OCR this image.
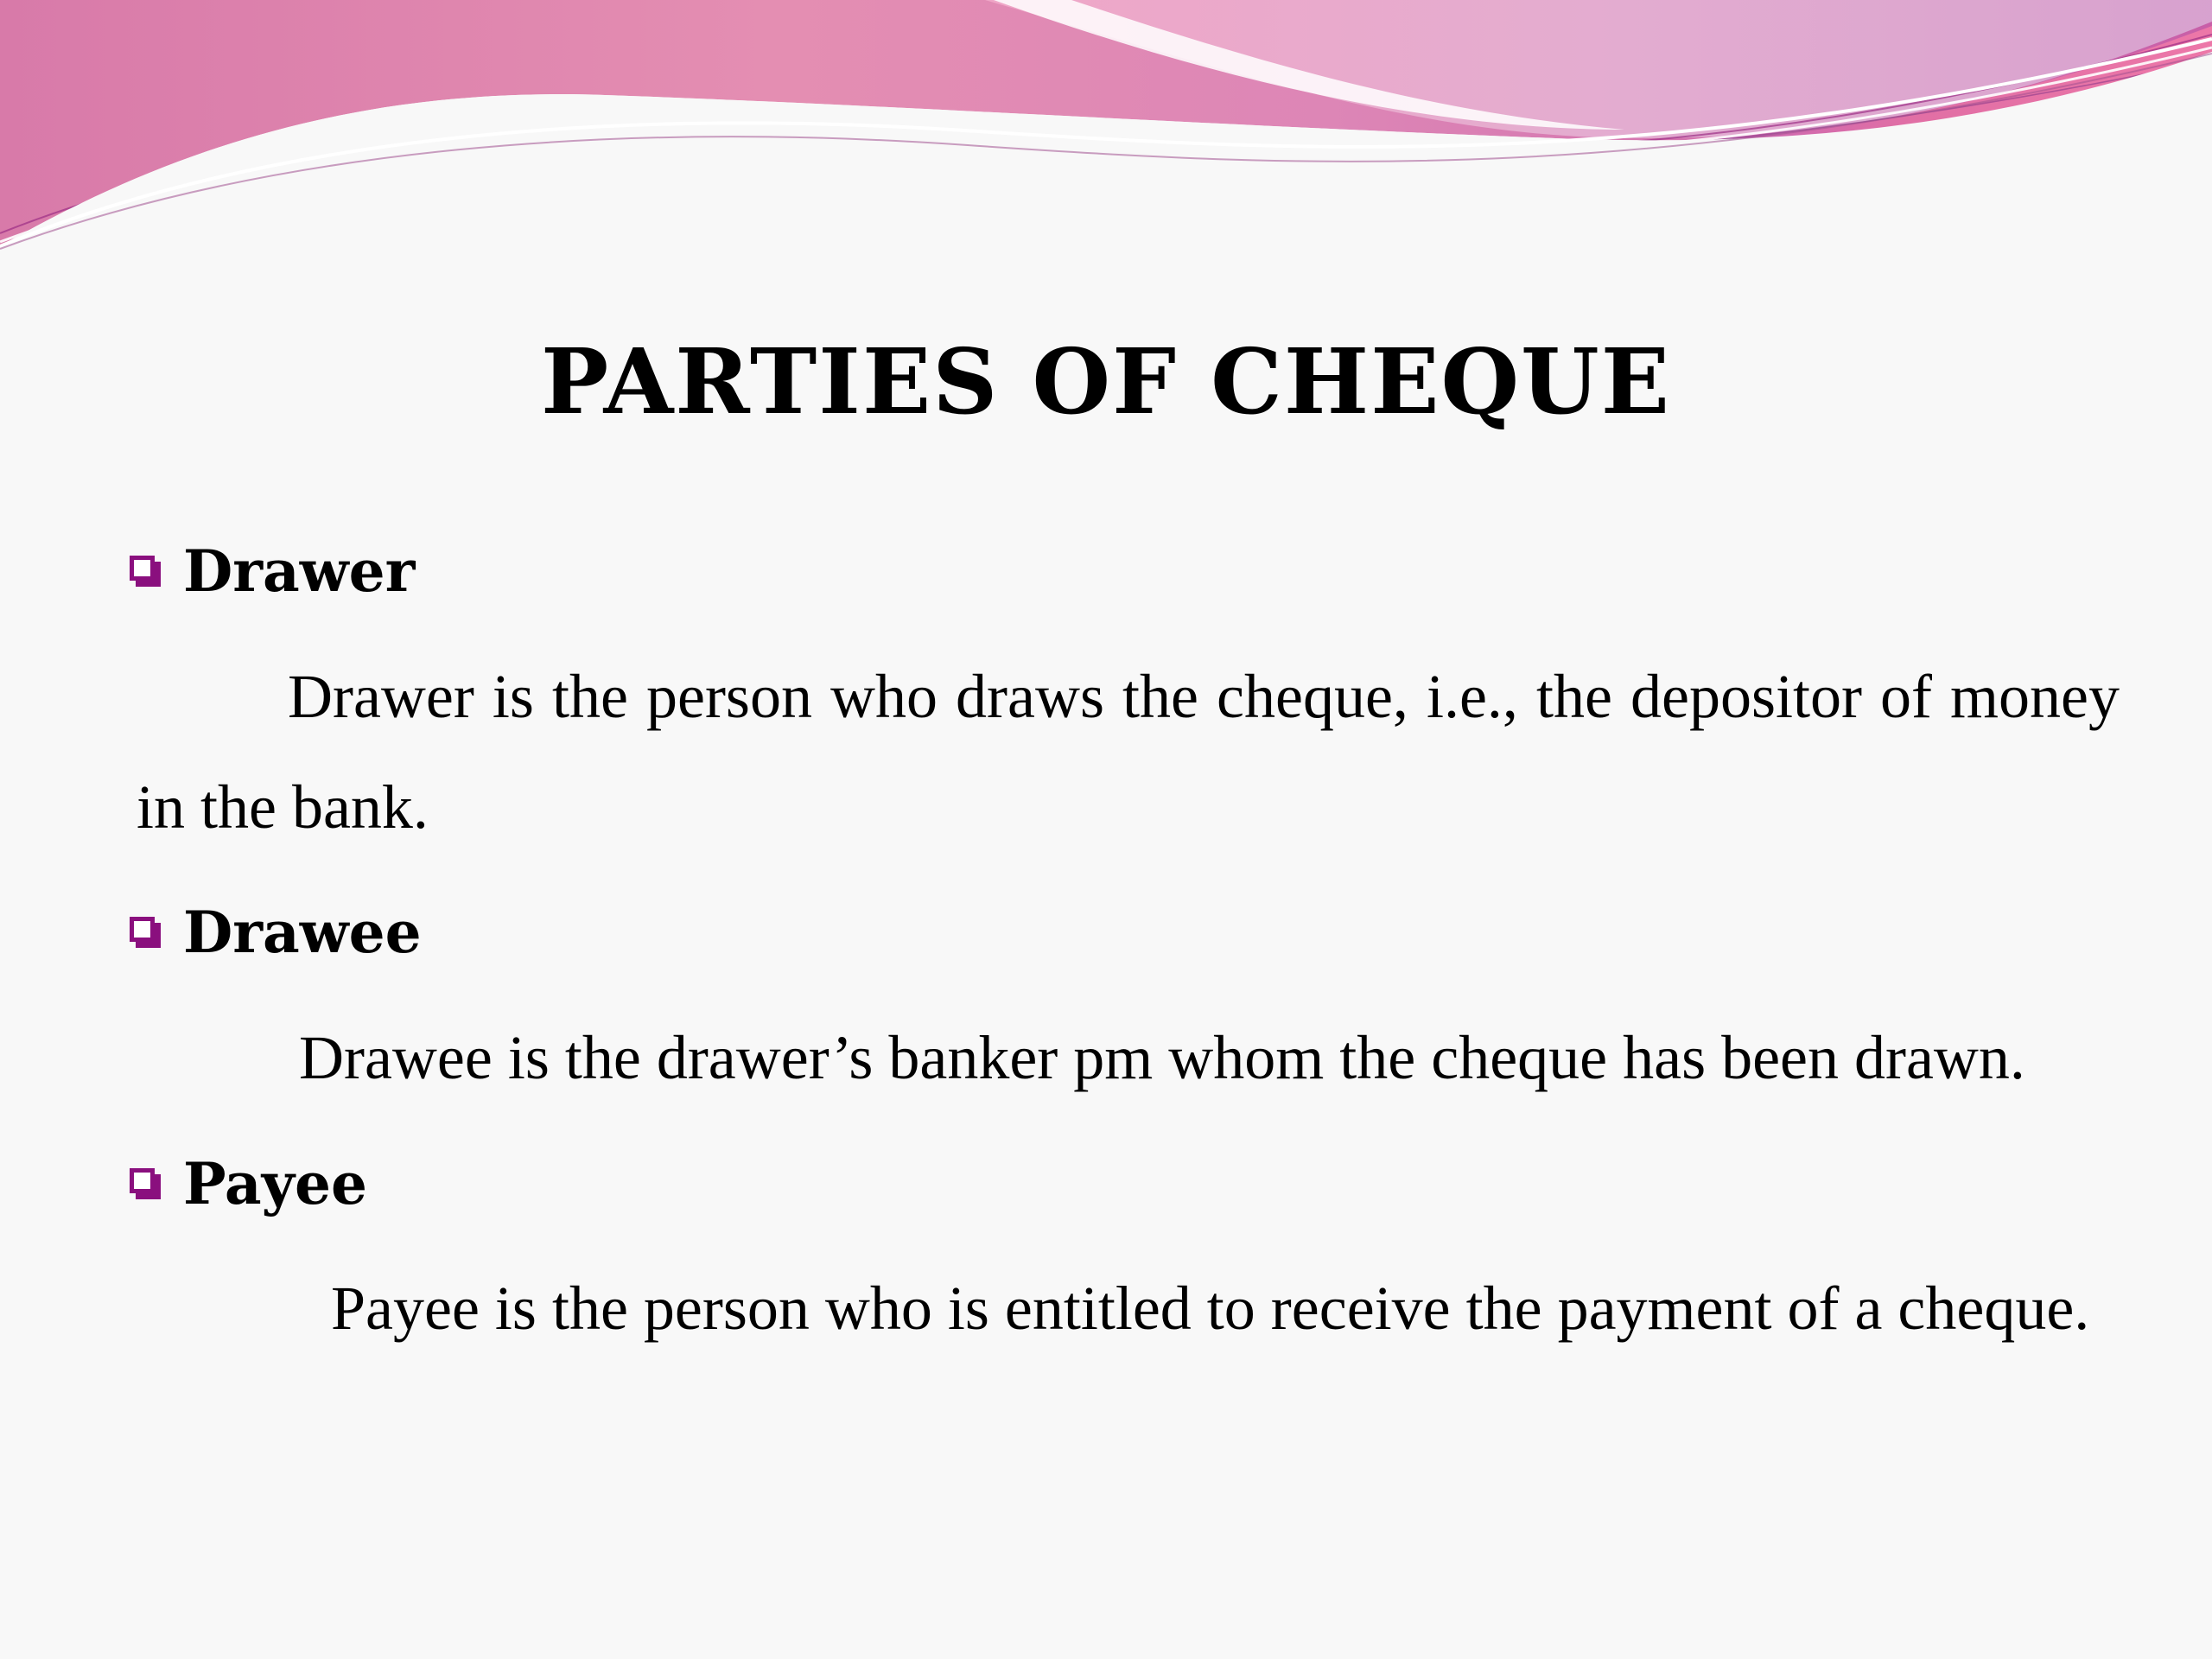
PARTIES OF CHEQUE
Drawer
Drawer is the person who draws the cheque, i.e., the depositor of money in the bank.
Drawee
Drawee is the drawer’s banker pm whom the cheque has been drawn.
Payee
Payee is the person who is entitled to receive the payment of a cheque.
